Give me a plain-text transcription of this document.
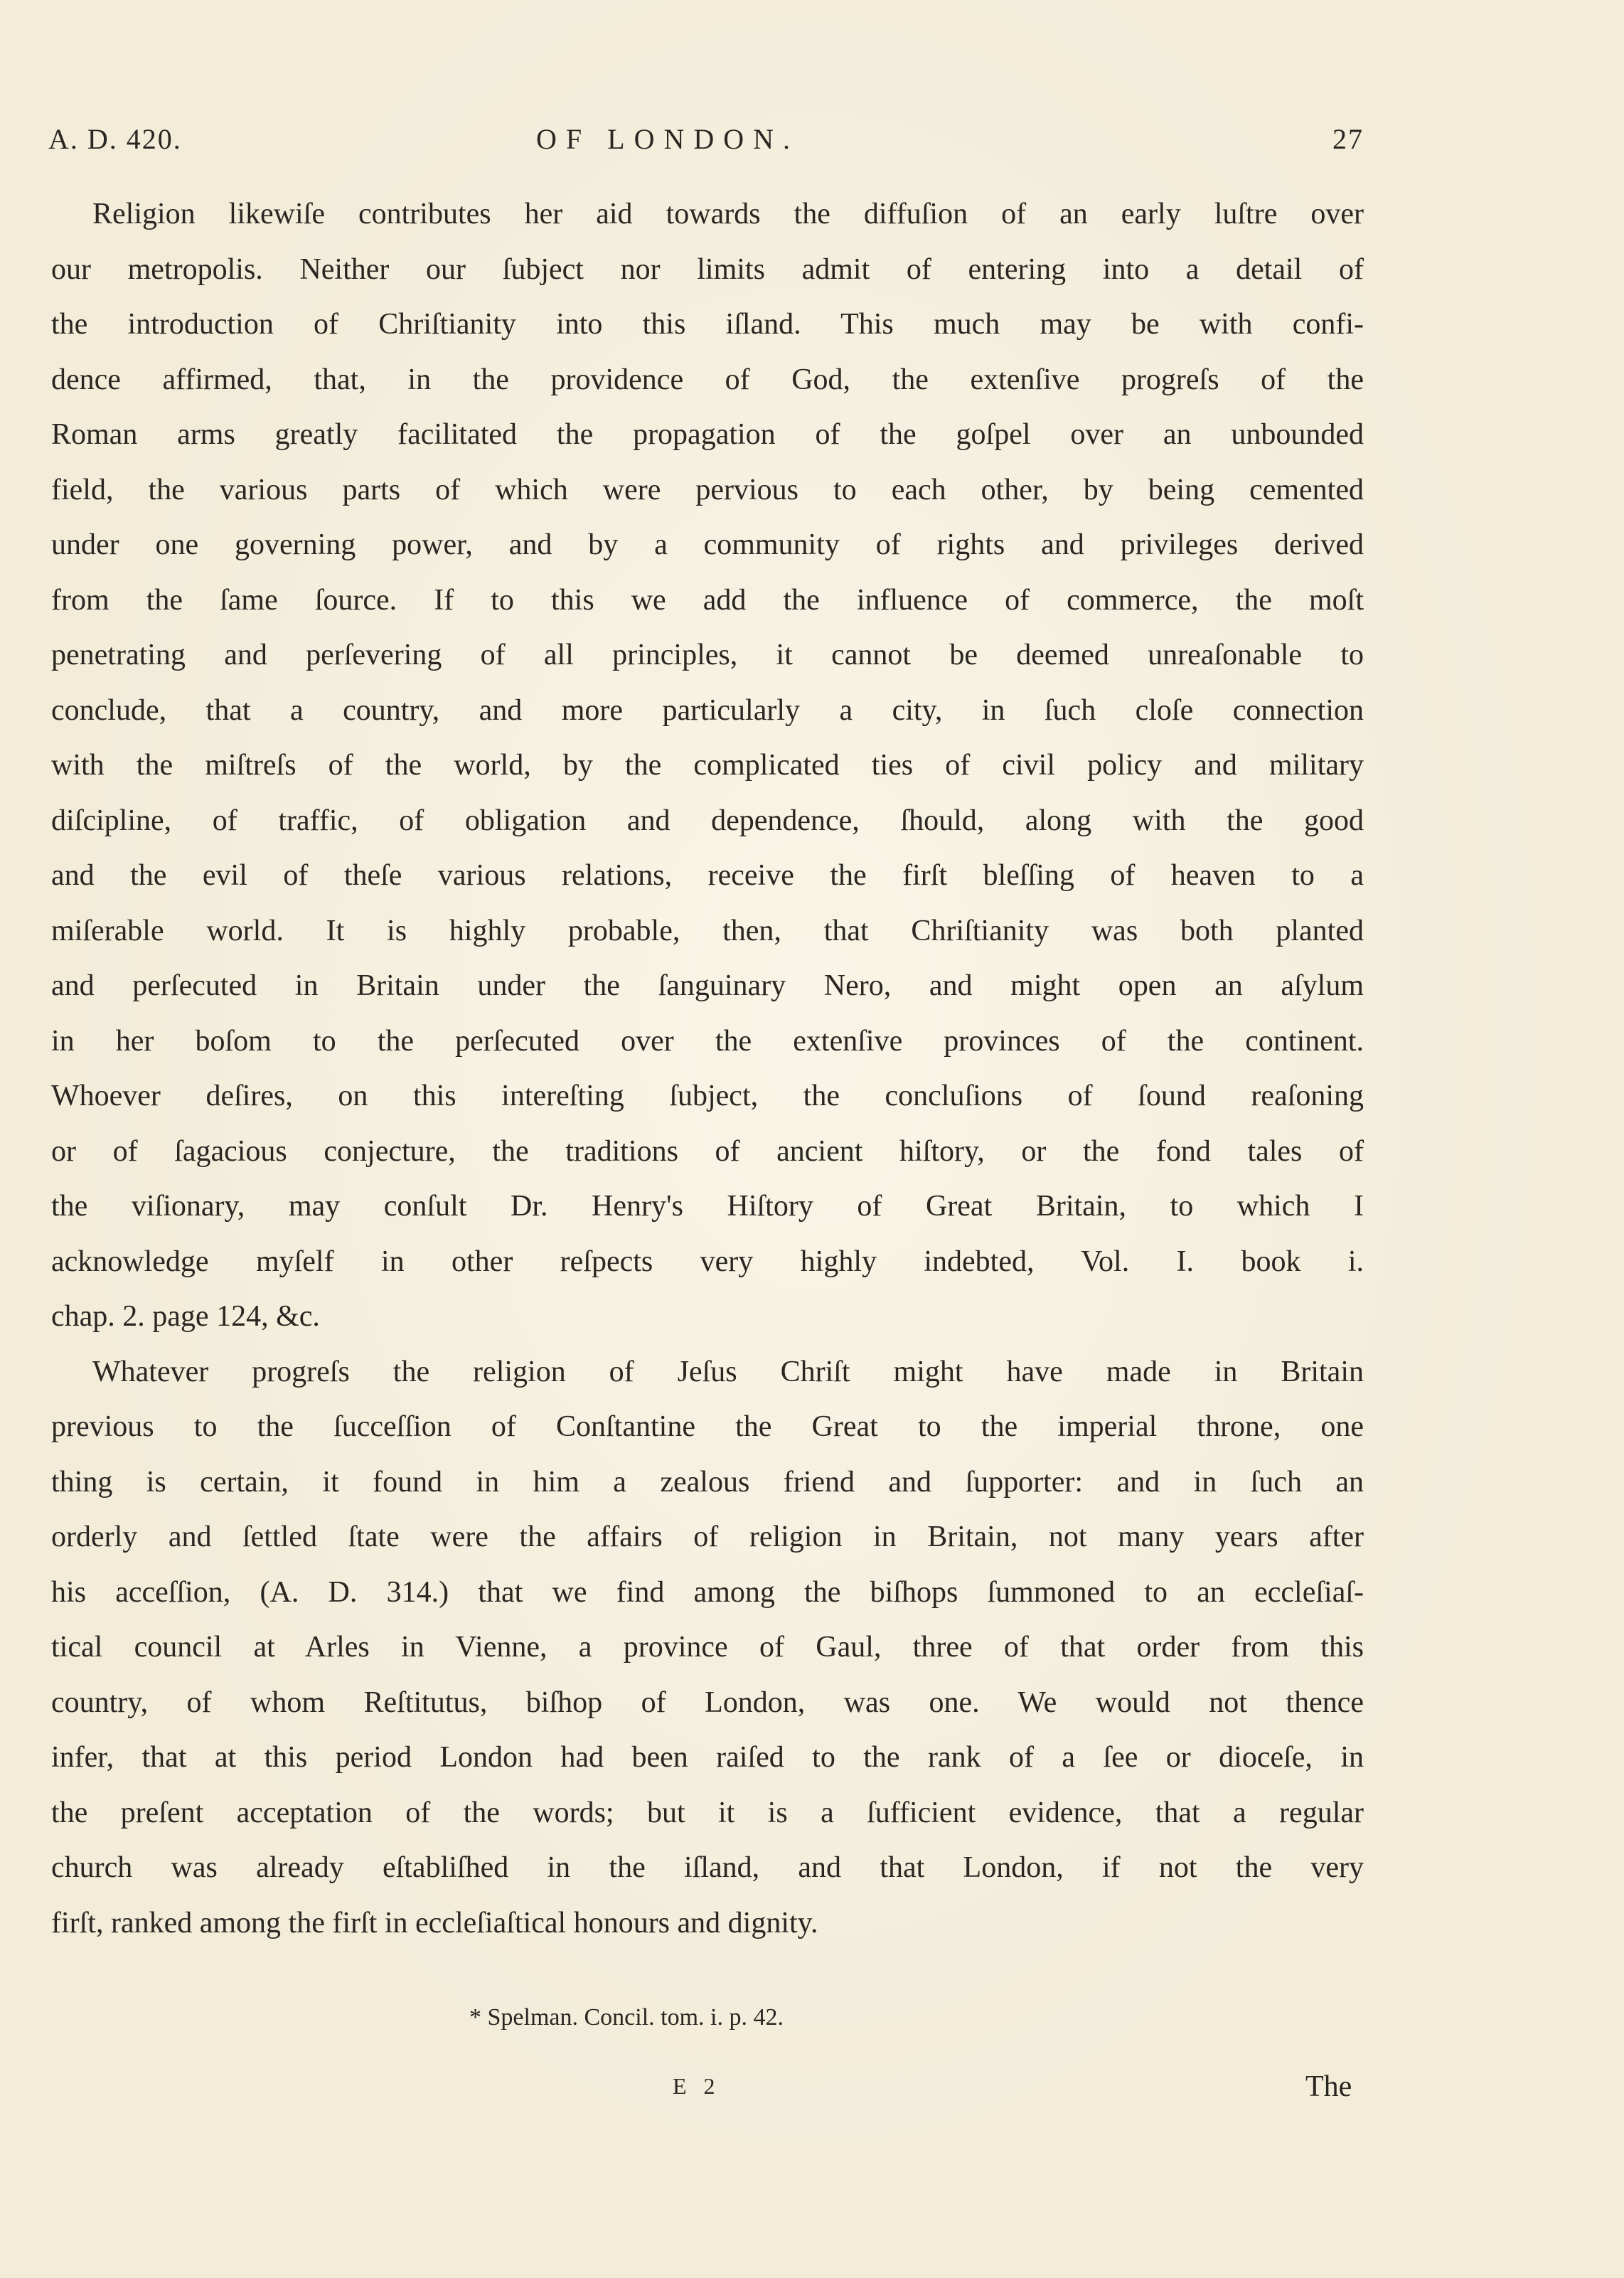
A. D. 420.	OF LONDON.	27
Religion likewiſe contributes her aid towards the diffuſion of an early luſtre over
our metropolis. Neither our ſubject nor limits admit of entering into a detail of
the introduction of Chriſtianity into this iſland. This much may be with confi-
dence affirmed, that, in the providence of God, the extenſive progreſs of the
Roman arms greatly facilitated the propagation of the goſpel over an unbounded
field, the various parts of which were pervious to each other, by being cemented
under one governing power, and by a community of rights and privileges derived
from the ſame ſource. If to this we add the influence of commerce, the moſt
penetrating and perſevering of all principles, it cannot be deemed unreaſonable to
conclude, that a country, and more particularly a city, in ſuch cloſe connection
with the miſtreſs of the world, by the complicated ties of civil policy and military
diſcipline, of traffic, of obligation and dependence, ſhould, along with the good
and the evil of theſe various relations, receive the firſt bleſſing of heaven to a
miſerable world. It is highly probable, then, that Chriſtianity was both planted
and perſecuted in Britain under the ſanguinary Nero, and might open an aſylum
in her boſom to the perſecuted over the extenſive provinces of the continent.
Whoever deſires, on this intereſting ſubject, the concluſions of ſound reaſoning
or of ſagacious conjecture, the traditions of ancient hiſtory, or the fond tales of
the viſionary, may conſult Dr. Henry's Hiſtory of Great Britain, to which I
acknowledge myſelf in other reſpects very highly indebted, Vol. I. book i.
chap. 2. page 124, &c.
Whatever progreſs the religion of Jeſus Chriſt might have made in Britain
previous to the ſucceſſion of Conſtantine the Great to the imperial throne, one
thing is certain, it found in him a zealous friend and ſupporter: and in ſuch an
orderly and ſettled ſtate were the affairs of religion in Britain, not many years after
his acceſſion, (A. D. 314.) that we find among the biſhops ſummoned to an eccleſiaſ-
tical council at Arles in Vienne, a province of Gaul, three of that order from this
country, of whom Reſtitutus, biſhop of London, was one. We would not thence
infer, that at this period London had been raiſed to the rank of a ſee or dioceſe, in
the preſent acceptation of the words; but it is a ſufficient evidence, that a regular
church was already eſtabliſhed in the iſland, and that London, if not the very
firſt, ranked among the firſt in eccleſiaſtical honours and dignity.
* Spelman. Concil. tom. i. p. 42.
E 2	The
